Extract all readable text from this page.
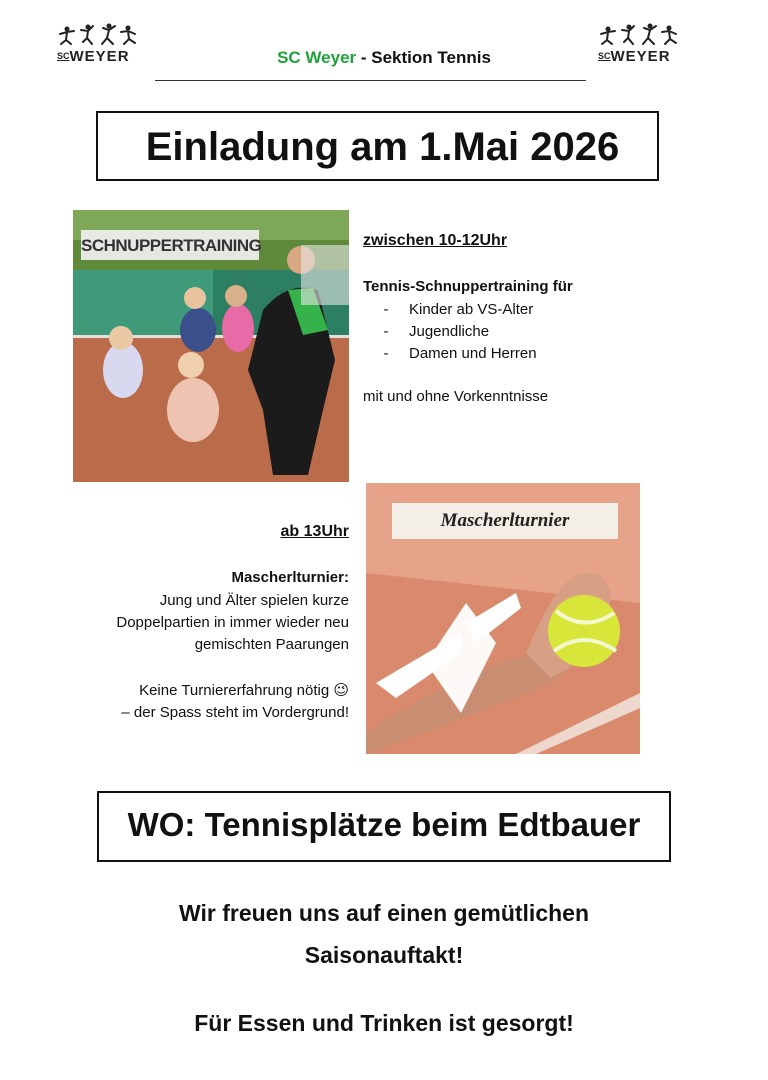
SCWEYER	SCWEYER
SC Weyer - Sektion Tennis
Einladung am 1.Mai 2026
SCHNUPPERTRAINING	zwischen 10-12Uhr
Tennis-Schnuppertraining für
- Kinder ab VS-Alter
- Jugendliche
- Damen und Herren
mit und ohne Vorkenntnisse
ab 13Uhr
Mascherlturnier:
Jung und Älter spielen kurze
Doppelpartien in immer wieder neu
gemischten Paarungen
Keine Turniererfahrung nötig 😉
– der Spass steht im Vordergrund!
Mascherlturnier
WO: Tennisplätze beim Edtbauer
Wir freuen uns auf einen gemütlichen
Saisonauftakt!
Für Essen und Trinken ist gesorgt!
